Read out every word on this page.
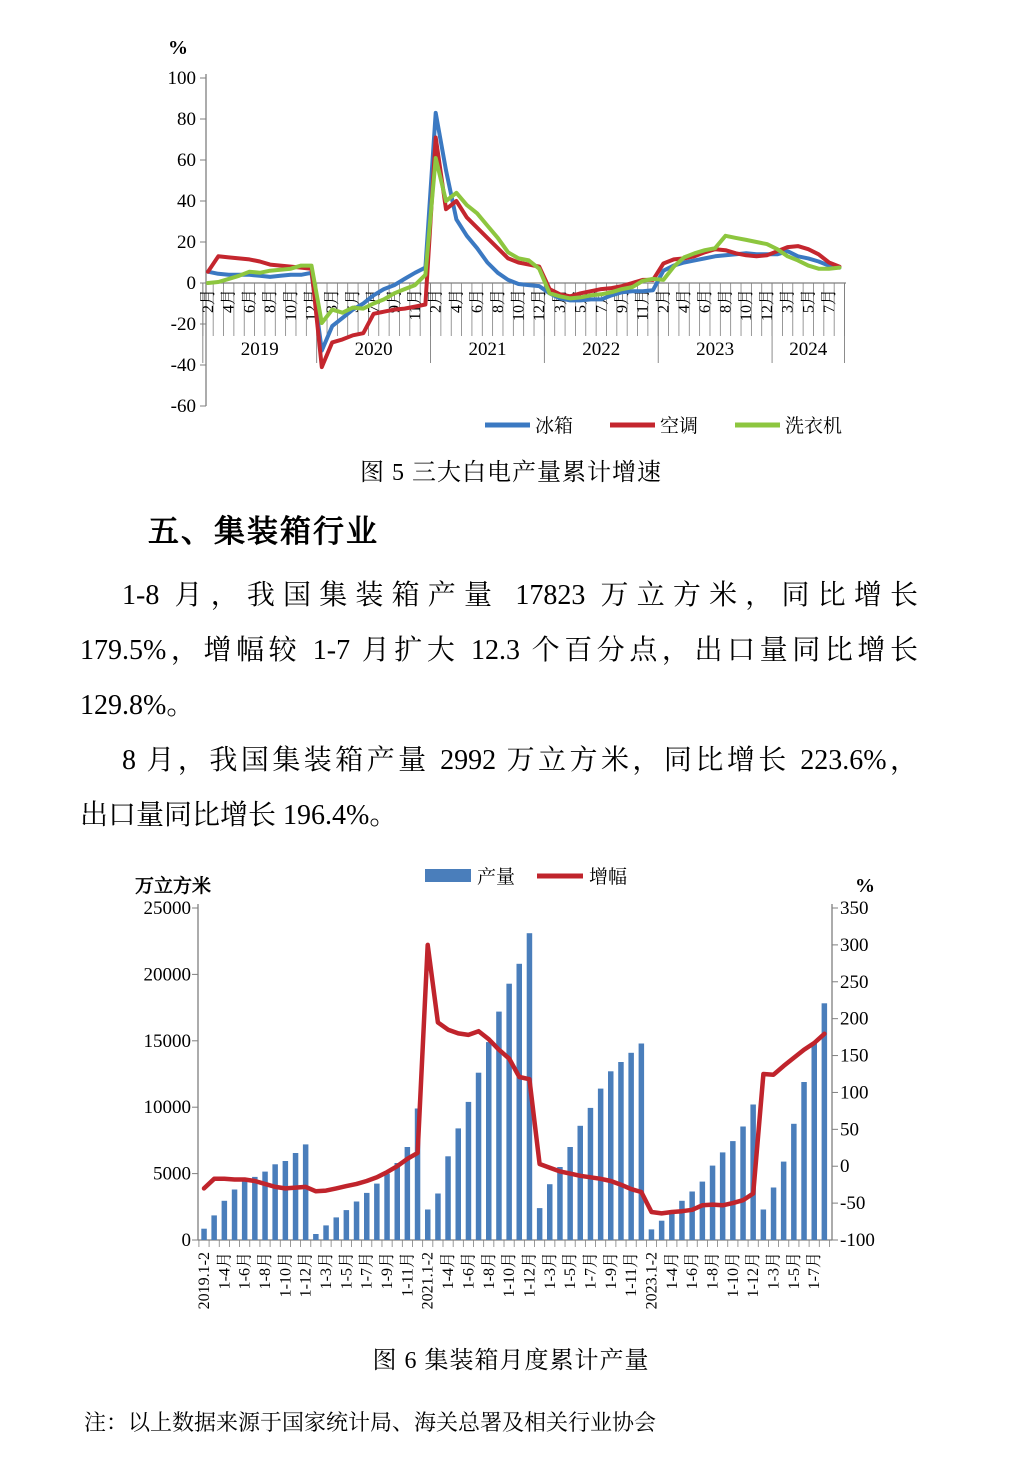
%
100
80
60
40
20
0
-20
-40
-60
2019	2020	2021	2022	2023	2024
2月 4月 6月 8月 10月 12月 3月 5月 7月 9月 11月 2月 4月 6月 8月 10月 12月 3月 5月 7月 9月 11月 2月 4月 6月 8月 10月 12月 3月 5月 7月
冰箱	空调	洗衣机
图 5 三大白电产量累计增速
五、集装箱行业
1-8 月，我国集装箱产量 17823 万立方米，同比增长
179.5%，增幅较 1-7 月扩大 12.3 个百分点，出口量同比增长
129.8%。
8 月，我国集装箱产量 2992 万立方米，同比增长 223.6%，
出口量同比增长 196.4%。
万立方米	%
0
5000
10000
15000
20000
25000	350
300
250
200
150
100
50
0
-50
-100
2019.1-2 1-4月 1-6月 1-8月 1-10月 1-12月 1-3月 1-5月 1-7月 1-9月 1-11月 2021.1-2 1-4月 1-6月 1-8月 1-10月 1-12月 1-3月 1-5月 1-7月 1-9月 1-11月 2023.1-2 1-4月 1-6月 1-8月 1-10月 1-12月 1-3月 1-5月 1-7月
产量	增幅
图 6 集装箱月度累计产量
注：以上数据来源于国家统计局、海关总署及相关行业协会
